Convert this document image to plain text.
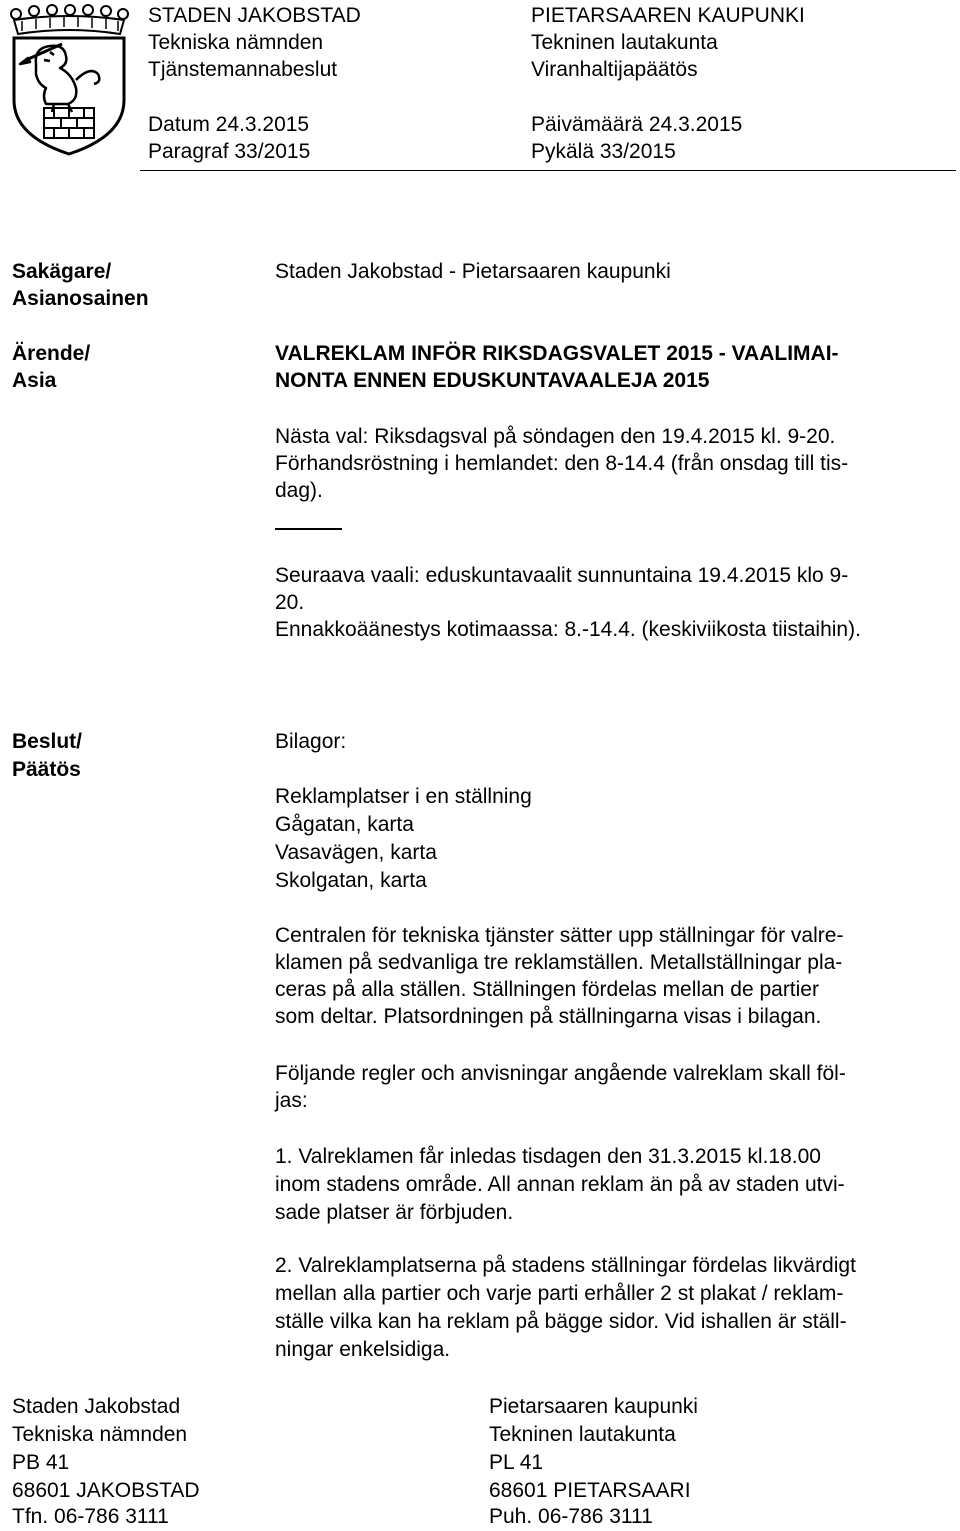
STADEN JAKOBSTAD
Tekniska nämnden
Tjänstemannabeslut
Datum 24.3.2015
Paragraf 33/2015
PIETARSAAREN KAUPUNKI
Tekninen lautakunta
Viranhaltijapäätös
Päivämäärä 24.3.2015
Pykälä 33/2015
Sakägare/
Asianosainen
Staden Jakobstad - Pietarsaaren kaupunki
Ärende/
Asia
VALREKLAM INFÖR RIKSDAGSVALET 2015 - VAALIMAI-
NONTA ENNEN EDUSKUNTAVAALEJA 2015
Nästa val: Riksdagsval på söndagen den 19.4.2015 kl. 9-20.
Förhandsröstning i hemlandet: den 8-14.4 (från onsdag till tis-
dag).
Seuraava vaali: eduskuntavaalit sunnuntaina 19.4.2015 klo 9-
20.
Ennakkoäänestys kotimaassa: 8.-14.4. (keskiviikosta tiistaihin).
Beslut/
Päätös
Bilagor:
Reklamplatser i en ställning
Gågatan, karta
Vasavägen, karta
Skolgatan, karta
Centralen för tekniska tjänster sätter upp ställningar för valre-
klamen på sedvanliga tre reklamställen. Metallställningar pla-
ceras på alla ställen. Ställningen fördelas mellan de partier
som deltar. Platsordningen på ställningarna visas i bilagan.
Följande regler och anvisningar angående valreklam skall föl-
jas:
1. Valreklamen får inledas tisdagen den 31.3.2015 kl.18.00
inom stadens område. All annan reklam än på av staden utvi-
sade platser är förbjuden.
2. Valreklamplatserna på stadens ställningar fördelas likvärdigt
mellan alla partier och varje parti erhåller 2 st plakat / reklam-
ställe vilka kan ha reklam på bägge sidor. Vid ishallen är ställ-
ningar enkelsidiga.
Staden Jakobstad
Tekniska nämnden
PB 41
68601 JAKOBSTAD
Tfn. 06-786 3111
Pietarsaaren kaupunki
Tekninen lautakunta
PL 41
68601 PIETARSAARI
Puh. 06-786 3111
